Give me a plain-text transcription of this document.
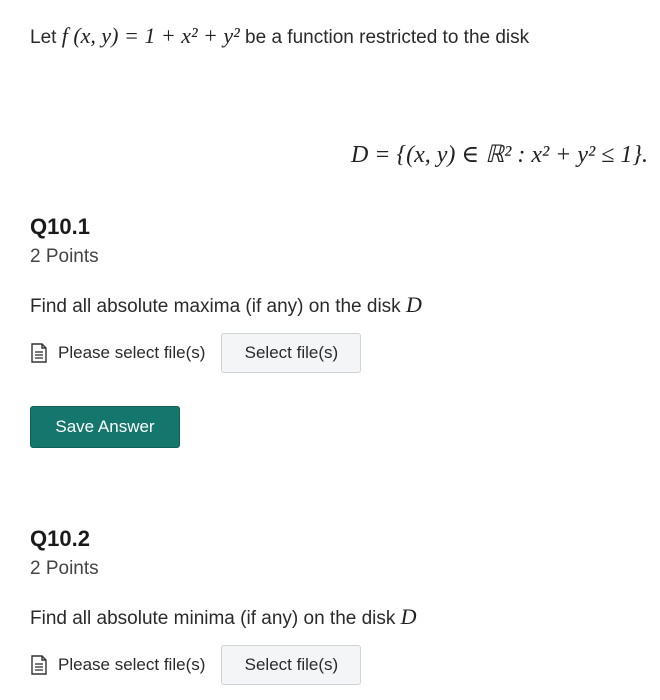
Let f (x, y) = 1 + x² + y² be a function restricted to the disk
D = {(x, y) ∈ ℝ² : x² + y² ≤ 1}.
Q10.1
2 Points
Find all absolute maxima (if any) on the disk D
Please select file(s)	Select file(s)
Save Answer
Q10.2
2 Points
Find all absolute minima (if any) on the disk D
Please select file(s)	Select file(s)
